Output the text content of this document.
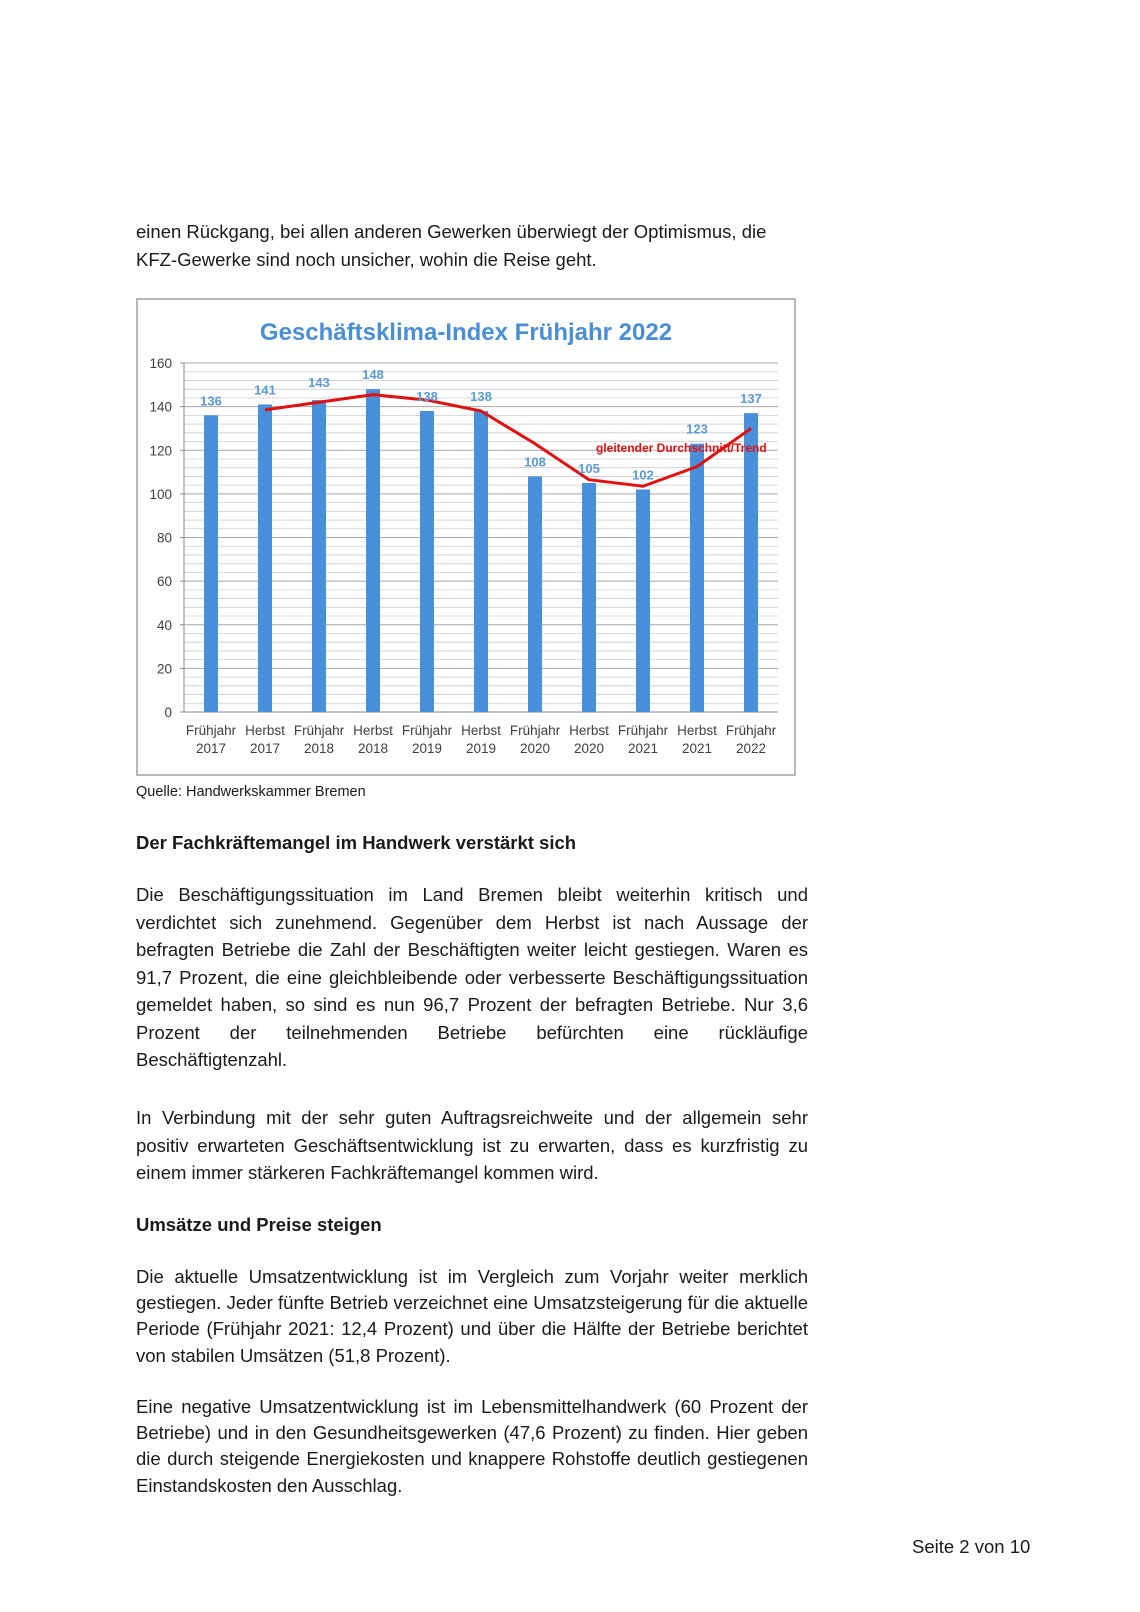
einen Rückgang, bei allen anderen Gewerken überwiegt der Optimismus, die

KFZ-Gewerke sind noch unsicher, wohin die Reise geht.

Geschäftsklima-Index Frühjahr 2022
0
20
40
60
80
100
120
140
160
136
141 143
148
138 138
108 105 102
123
137
gleitender Durchschnitt/Trend
Frühjahr
2017
Herbst
2017
Frühjahr
2018
Herbst
2018
Frühjahr
2019
Herbst
2019
Frühjahr
2020
Herbst
2020
Frühjahr
2021
Herbst
2021
Frühjahr
2022
Quelle: Handwerkskammer Bremen
Der Fachkräftemangel im Handwerk verstärkt sich

Die Beschäftigungssituation im Land Bremen bleibt weiterhin kritisch und verdichtet sich zunehmend. Gegenüber dem Herbst ist nach Aussage der befragten Betriebe die Zahl der Beschäftigten weiter leicht gestiegen. Waren es 91,7 Prozent, die eine gleichbleibende oder verbesserte Beschäftigungssituation gemeldet haben, so sind es nun 96,7 Prozent der befragten Betriebe. Nur 3,6 Prozent der teilnehmenden Betriebe befürchten eine rückläufige Beschäftigtenzahl.

In Verbindung mit der sehr guten Auftragsreichweite und der allgemein sehr positiv erwarteten Geschäftsentwicklung ist zu erwarten, dass es kurzfristig zu einem immer stärkeren Fachkräftemangel kommen wird.

Umsätze und Preise steigen

Die aktuelle Umsatzentwicklung ist im Vergleich zum Vorjahr weiter merklich gestiegen. Jeder fünfte Betrieb verzeichnet eine Umsatzsteigerung für die aktuelle Periode (Frühjahr 2021: 12,4 Prozent) und über die Hälfte der Betriebe berichtet von stabilen Umsätzen (51,8 Prozent).

Eine negative Umsatzentwicklung ist im Lebensmittelhandwerk (60 Prozent der Betriebe) und in den Gesundheitsgewerken (47,6 Prozent) zu finden. Hier geben die durch steigende Energiekosten und knappere Rohstoffe deutlich gestiegenen Einstandskosten den Ausschlag.

Seite 2 von 10
